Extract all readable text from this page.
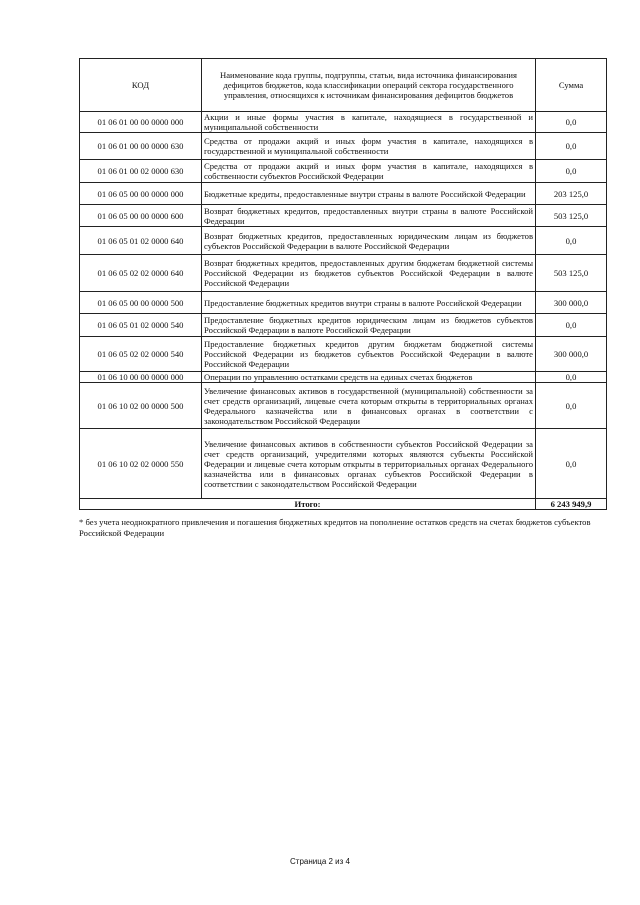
КОД	Наименование кода группы, подгруппы, статьи, вида источника финансирования дефицитов бюджетов, кода классификации операций сектора государственного управления, относящихся к источникам финансирования дефицитов бюджетов	Сумма
01 06 01 00 00 0000 000	Акции и иные формы участия в капитале, находящиеся в государственной и муниципальной собственности	0,0
01 06 01 00 00 0000 630	Средства от продажи акций и иных форм участия в капитале, находящихся в государственной и муниципальной собственности	0,0
01 06 01 00 02 0000 630	Средства от продажи акций и иных форм участия в капитале, находящихся в собственности субъектов Российской Федерации	0,0
01 06 05 00 00 0000 000	Бюджетные кредиты, предоставленные внутри страны в валюте Российской Федерации	203 125,0
01 06 05 00 00 0000 600	Возврат бюджетных кредитов, предоставленных внутри страны в валюте Российской Федерации	503 125,0
01 06 05 01 02 0000 640	Возврат бюджетных кредитов, предоставленных юридическим лицам из бюджетов субъектов Российской Федерации в валюте Российской Федерации	0,0
01 06 05 02 02 0000 640	Возврат бюджетных кредитов, предоставленных другим бюджетам бюджетной системы Российской Федерации из бюджетов субъектов Российской Федерации в валюте Российской Федерации	503 125,0
01 06 05 00 00 0000 500	Предоставление бюджетных кредитов внутри страны в валюте Российской Федерации	300 000,0
01 06 05 01 02 0000 540	Предоставление бюджетных кредитов юридическим лицам из бюджетов субъектов Российской Федерации в валюте Российской Федерации	0,0
01 06 05 02 02 0000 540	Предоставление бюджетных кредитов другим бюджетам бюджетной системы Российской Федерации из бюджетов субъектов Российской Федерации в валюте Российской Федерации	300 000,0
01 06 10 00 00 0000 000	Операции по управлению остатками средств на единых счетах бюджетов	0,0
01 06 10 02 00 0000 500	Увеличение финансовых активов в государственной (муниципальной) собственности за счет средств организаций, лицевые счета которым открыты в территориальных органах Федерального казначейства или в финансовых органах в соответствии с законодательством Российской Федерации	0,0
01 06 10 02 02 0000 550	Увеличение финансовых активов в собственности субъектов Российской Федерации за счет средств организаций, учредителями которых являются субъекты Российской Федерации и лицевые счета которым открыты в территориальных органах Федерального казначейства или в финансовых органах субъектов Российской Федерации в соответствии с законодательством Российской Федерации	0,0
Итого:		6 243 949,9
* без учета неоднократного привлечения и погашения бюджетных кредитов на пополнение остатков средств на счетах бюджетов субъектов Российской Федерации
Страница 2 из 4
